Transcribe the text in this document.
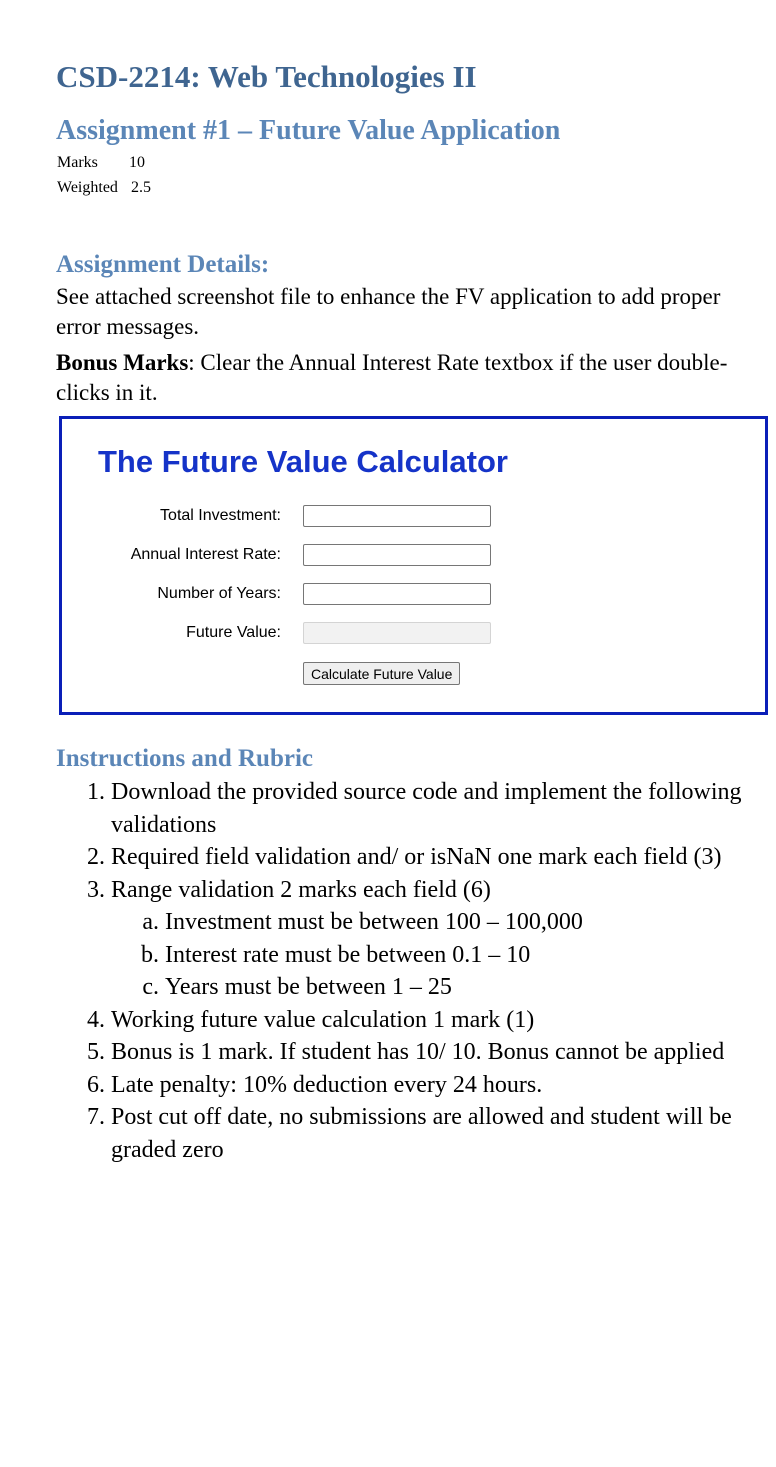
CSD-2214: Web Technologies II
Assignment #1 – Future Value Application
Marks 10
Weighted 2.5
Assignment Details:

See attached screenshot file to enhance the FV application to add proper error messages.

Bonus Marks: Clear the Annual Interest Rate textbox if the user double-clicks in it.

The Future Value Calculator
Total Investment:
Annual Interest Rate:
Number of Years:
Future Value:
Calculate Future Value
Instructions and Rubric
1. Download the provided source code and implement the following validations
2. Required field validation and/ or isNaN one mark each field (3)
3. Range validation 2 marks each field (6)
a. Investment must be between 100 – 100,000
b. Interest rate must be between 0.1 – 10
c. Years must be between 1 – 25
4. Working future value calculation 1 mark (1)
5. Bonus is 1 mark. If student has 10/ 10. Bonus cannot be applied
6. Late penalty: 10% deduction every 24 hours.
7. Post cut off date, no submissions are allowed and student will be graded zero
